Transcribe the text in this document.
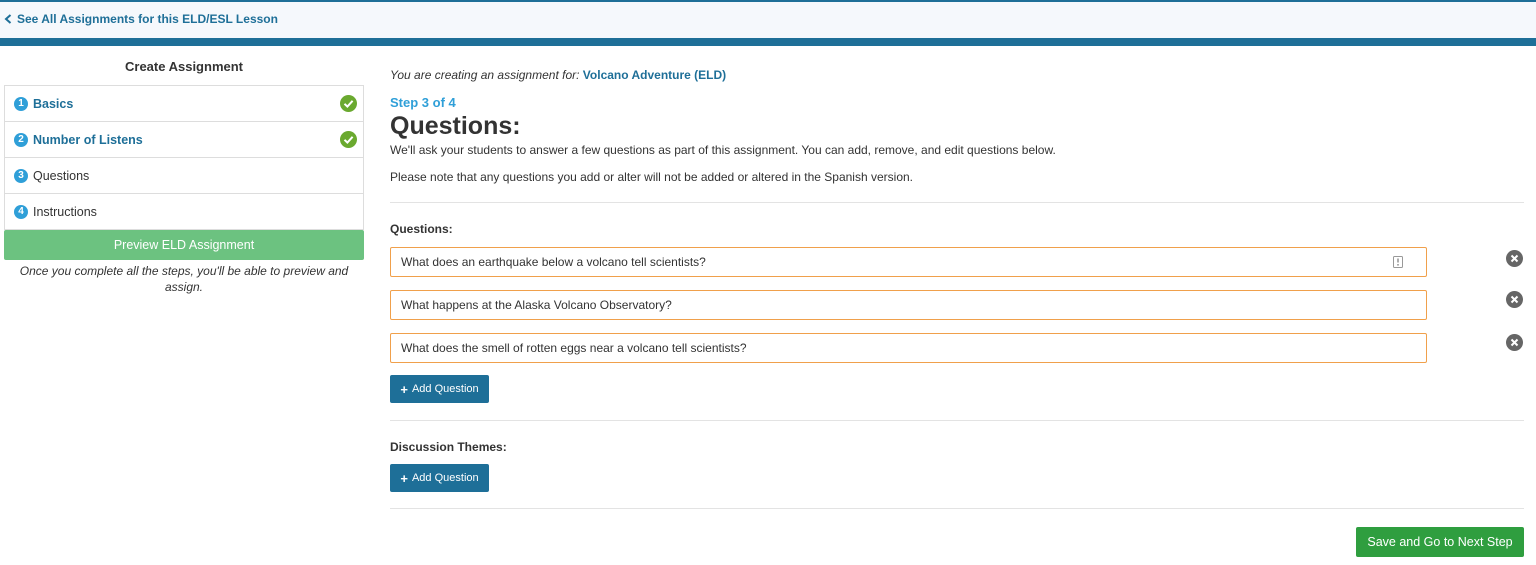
See All Assignments for this ELD/ESL Lesson
Create Assignment
1 Basics
2 Number of Listens
3 Questions
4 Instructions
Preview ELD Assignment
Once you complete all the steps, you'll be able to preview and assign.
You are creating an assignment for: Volcano Adventure (ELD)
Step 3 of 4
Questions:
We'll ask your students to answer a few questions as part of this assignment. You can add, remove, and edit questions below.
Please note that any questions you add or alter will not be added or altered in the Spanish version.
Questions:
What does an earthquake below a volcano tell scientists?
What happens at the Alaska Volcano Observatory?
What does the smell of rotten eggs near a volcano tell scientists?
+ Add Question
Discussion Themes:
+ Add Question
Save and Go to Next Step
